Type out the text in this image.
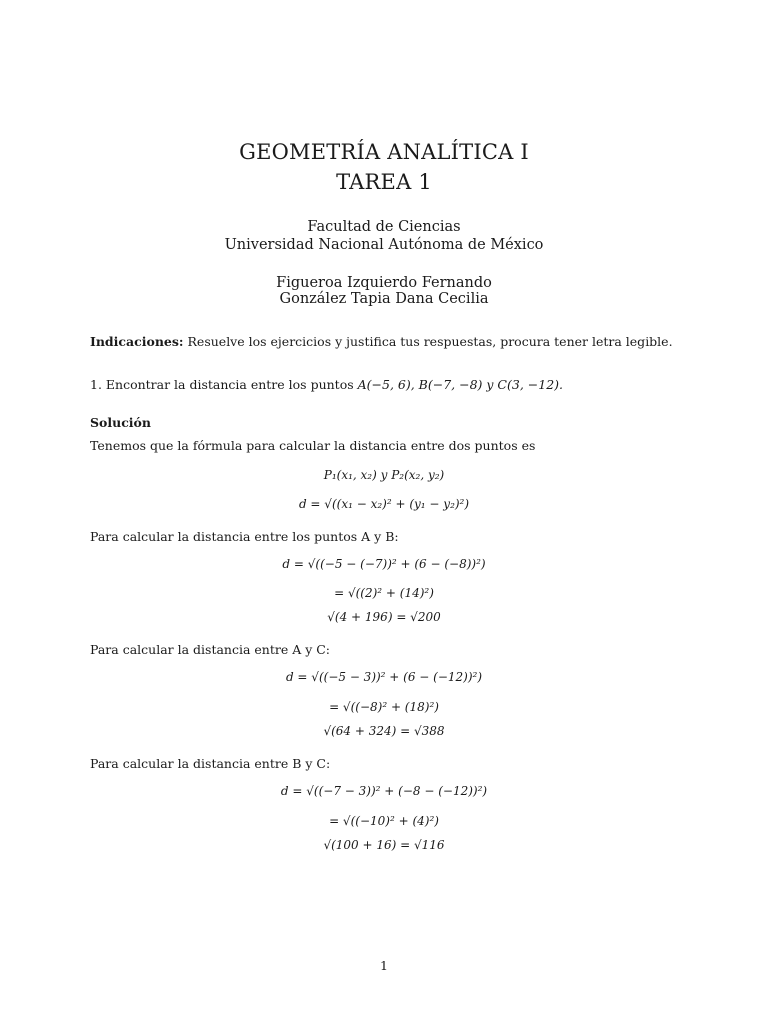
GEOMETRÍA ANALÍTICA I
TAREA 1
Facultad de Ciencias
Universidad Nacional Autónoma de México
Figueroa Izquierdo Fernando
González Tapia Dana Cecilia
Indicaciones: Resuelve los ejercicios y justifica tus respuestas, procura tener letra legible.
1. Encontrar la distancia entre los puntos A(−5, 6), B(−7, −8) y C(3, −12).
Solución
Tenemos que la fórmula para calcular la distancia entre dos puntos es
P₁(x₁, x₂) y P₂(x₂, y₂)
d = √((x₁ − x₂)² + (y₁ − y₂)²)
Para calcular la distancia entre los puntos A y B:
d = √((−5 − (−7))² + (6 − (−8))²)
= √((2)² + (14)²)
√(4 + 196) = √200
Para calcular la distancia entre A y C:
d = √((−5 − 3))² + (6 − (−12))²)
= √((−8)² + (18)²)
√(64 + 324) = √388
Para calcular la distancia entre B y C:
d = √((−7 − 3))² + (−8 − (−12))²)
= √((−10)² + (4)²)
√(100 + 16) = √116
1
